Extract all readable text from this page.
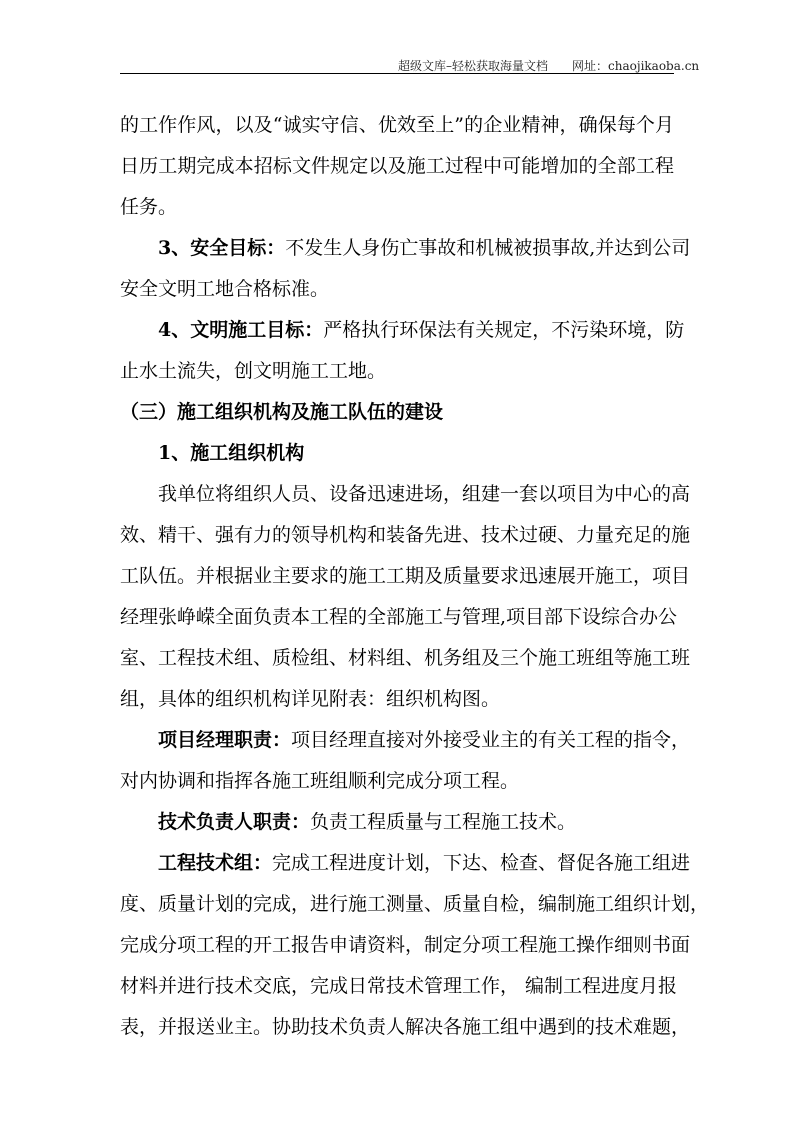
超级文库–轻松获取海量文档 网址：chaojikaoba.cn
的工作作风，以及“诚实守信、优效至上”的企业精神，确保每个月
日历工期完成本招标文件规定以及施工过程中可能增加的全部工程
任务。
3、安全目标：不发生人身伤亡事故和机械被损事故,并达到公司
安全文明工地合格标准。
4、文明施工目标：严格执行环保法有关规定，不污染环境，防
止水土流失，创文明施工工地。
（三）施工组织机构及施工队伍的建设
1、施工组织机构
我单位将组织人员、设备迅速进场，组建一套以项目为中心的高
效、精干、强有力的领导机构和装备先进、技术过硬、力量充足的施
工队伍。并根据业主要求的施工工期及质量要求迅速展开施工，项目
经理张峥嵘全面负责本工程的全部施工与管理,项目部下设综合办公
室、工程技术组、质检组、材料组、机务组及三个施工班组等施工班
组，具体的组织机构详见附表：组织机构图。
项目经理职责：项目经理直接对外接受业主的有关工程的指令，
对内协调和指挥各施工班组顺利完成分项工程。
技术负责人职责：负责工程质量与工程施工技术。
工程技术组：完成工程进度计划，下达、检查、督促各施工组进
度、质量计划的完成，进行施工测量、质量自检，编制施工组织计划，
完成分项工程的开工报告申请资料，制定分项工程施工操作细则书面
材料并进行技术交底，完成日常技术管理工作， 编制工程进度月报
表，并报送业主。协助技术负责人解决各施工组中遇到的技术难题，
